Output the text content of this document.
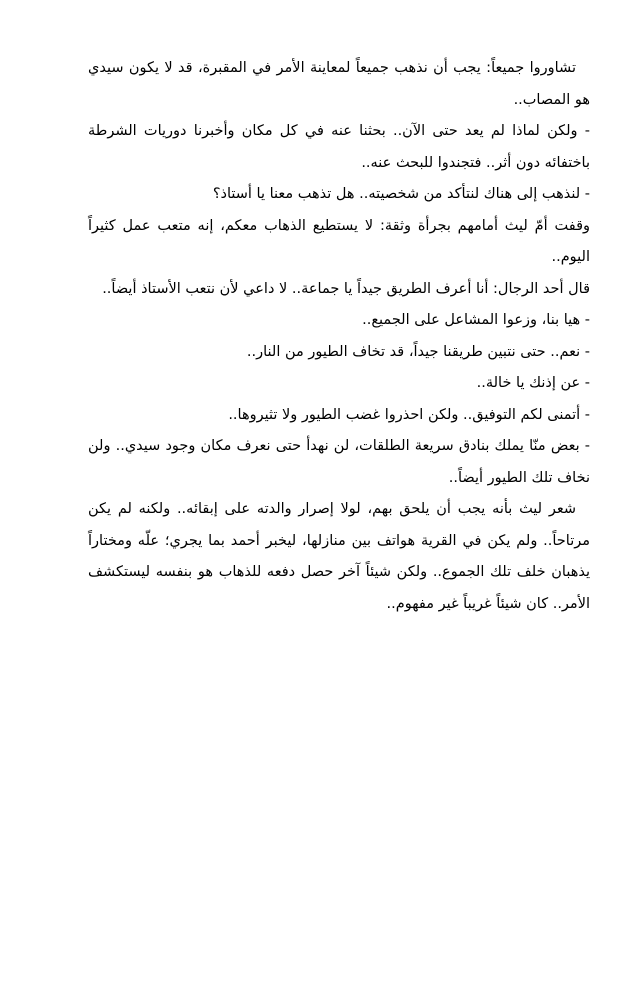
تشاوروا جميعاً: يجب أن نذهب جميعاً لمعاينة الأمر في المقبرة، قد لا يكون سيدي هو المصاب..

- ولكن لماذا لم يعد حتى الآن.. بحثنا عنه في كل مكان وأخبرنا دوريات الشرطة باختفائه دون أثر.. فتجندوا للبحث عنه..

- لنذهب إلى هناك لنتأكد من شخصيته.. هل تذهب معنا يا أستاذ؟

وقفت أمّ ليث أمامهم بجرأة وثقة: لا يستطيع الذهاب معكم، إنه متعب عمل كثيراً اليوم..

قال أحد الرجال: أنا أعرف الطريق جيداً يا جماعة.. لا داعي لأن نتعب الأستاذ أيضاً..

- هيا بنا، وزعوا المشاعل على الجميع..

- نعم.. حتى نتبين طريقنا جيداً، قد تخاف الطيور من النار..

- عن إذنك يا خالة..

- أتمنى لكم التوفيق.. ولكن احذروا غضب الطيور ولا تثيروها..

- بعض منّا يملك بنادق سريعة الطلقات، لن نهدأ حتى نعرف مكان وجود سيدي.. ولن نخاف تلك الطيور أيضاً..

شعر ليث بأنه يجب أن يلحق بهم، لولا إصرار والدته على إبقائه.. ولكنه لم يكن مرتاحاً.. ولم يكن في القرية هواتف بين منازلها، ليخبر أحمد بما يجري؛ علّه ومختاراً يذهبان خلف تلك الجموع.. ولكن شيئاً آخر حصل دفعه للذهاب هو بنفسه ليستكشف الأمر.. كان شيئاً غريباً غير مفهوم..
